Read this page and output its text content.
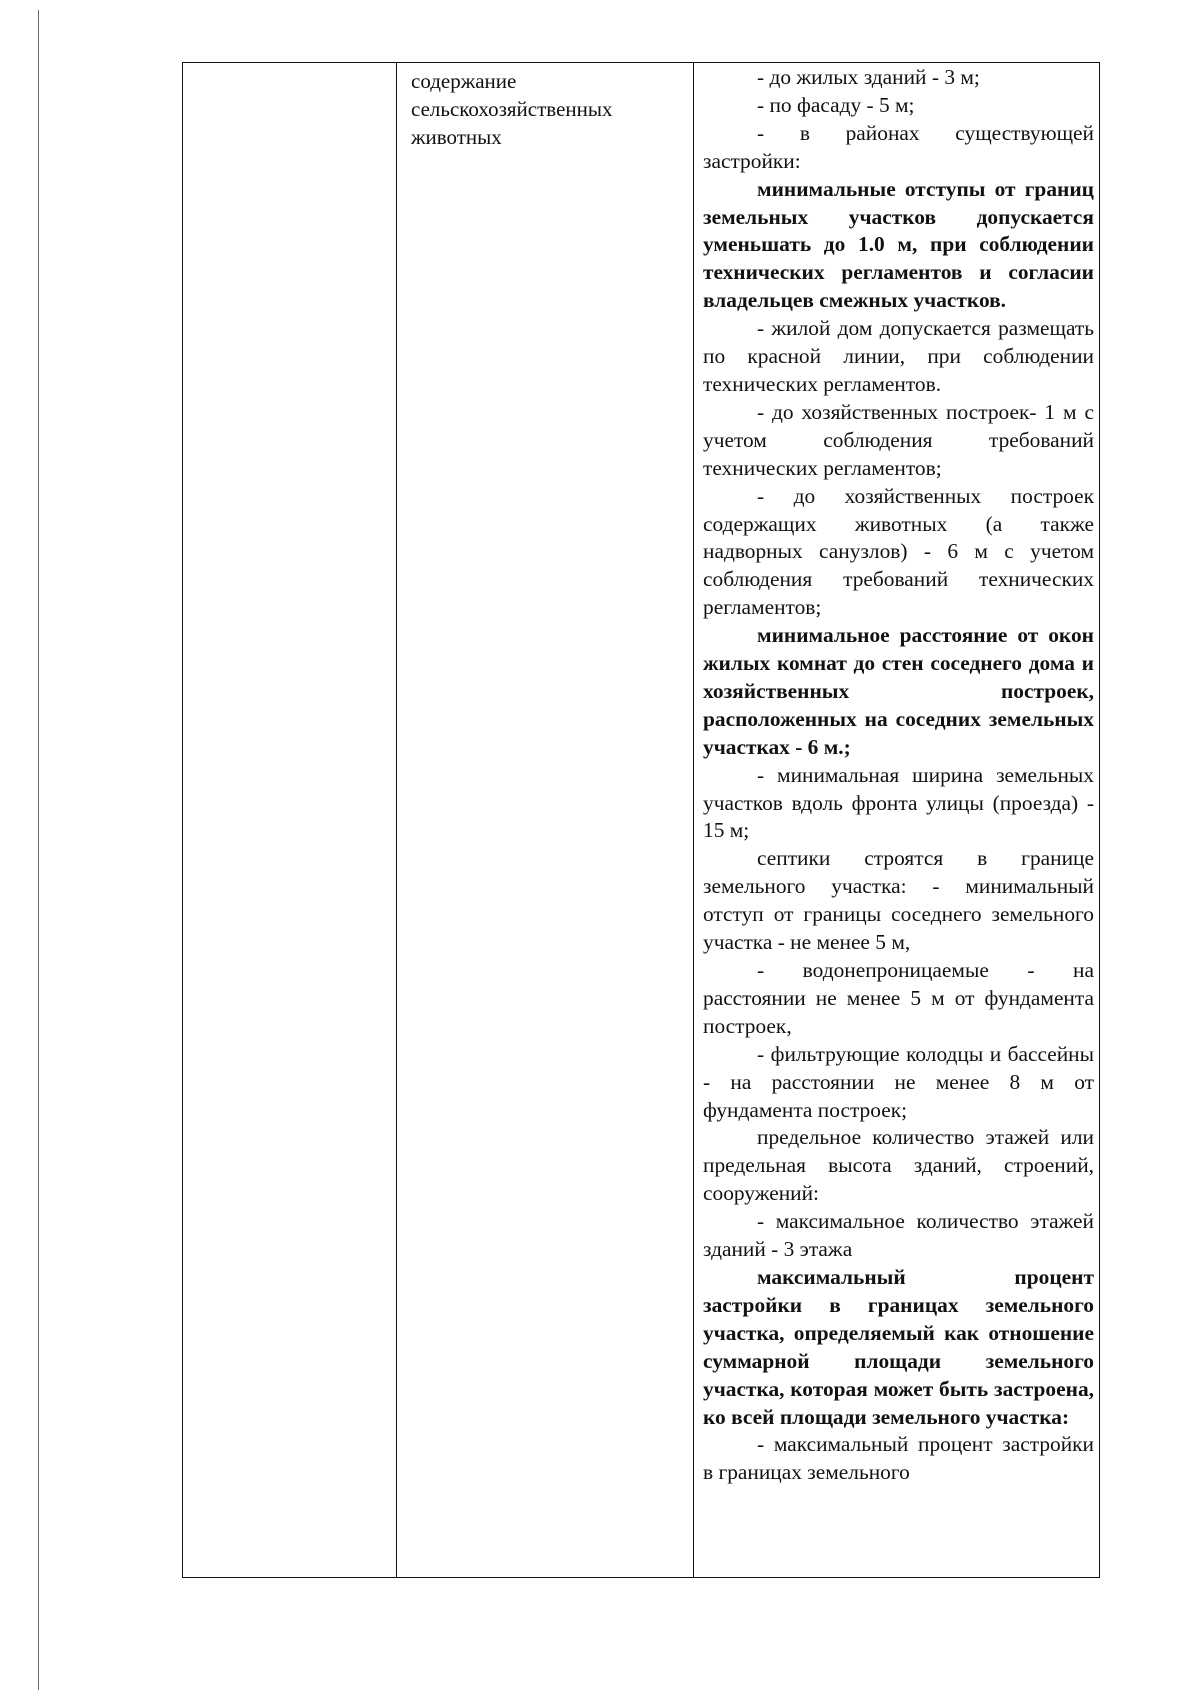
содержание
сельскохозяйственных
животных

- до жилых зданий - 3 м;

- по фасаду - 5 м;

- в районах существующей застройки:

минимальные отступы от границ земельных участков допускается уменьшать до 1.0 м, при соблюдении технических регламентов и согласии владельцев смежных участков.

- жилой дом допускается размещать по красной линии, при соблюдении технических регламентов.

- до хозяйственных построек- 1 м с учетом соблюдения требований технических регламентов;

- до хозяйственных построек содержащих животных (а также надворных санузлов) - 6 м с учетом соблюдения требований технических регламентов;

минимальное расстояние от окон жилых комнат до стен соседнего дома и хозяйственных построек, расположенных на соседних земельных участках - 6 м.;

- минимальная ширина земельных участков вдоль фронта улицы (проезда) - 15 м;

септики строятся в границе земельного участка: - минимальный отступ от границы соседнего земельного участка - не менее 5 м,

- водонепроницаемые - на расстоянии не менее 5 м от фундамента построек,

- фильтрующие колодцы и бассейны - на расстоянии не менее 8 м от фундамента построек;

предельное количество этажей или предельная высота зданий, строений, сооружений:

- максимальное количество этажей зданий - 3 этажа

максимальный процент застройки в границах земельного участка, определяемый как отношение суммарной площади земельного участка, которая может быть застроена, ко всей площади земельного участка:

- максимальный процент застройки в границах земельного
